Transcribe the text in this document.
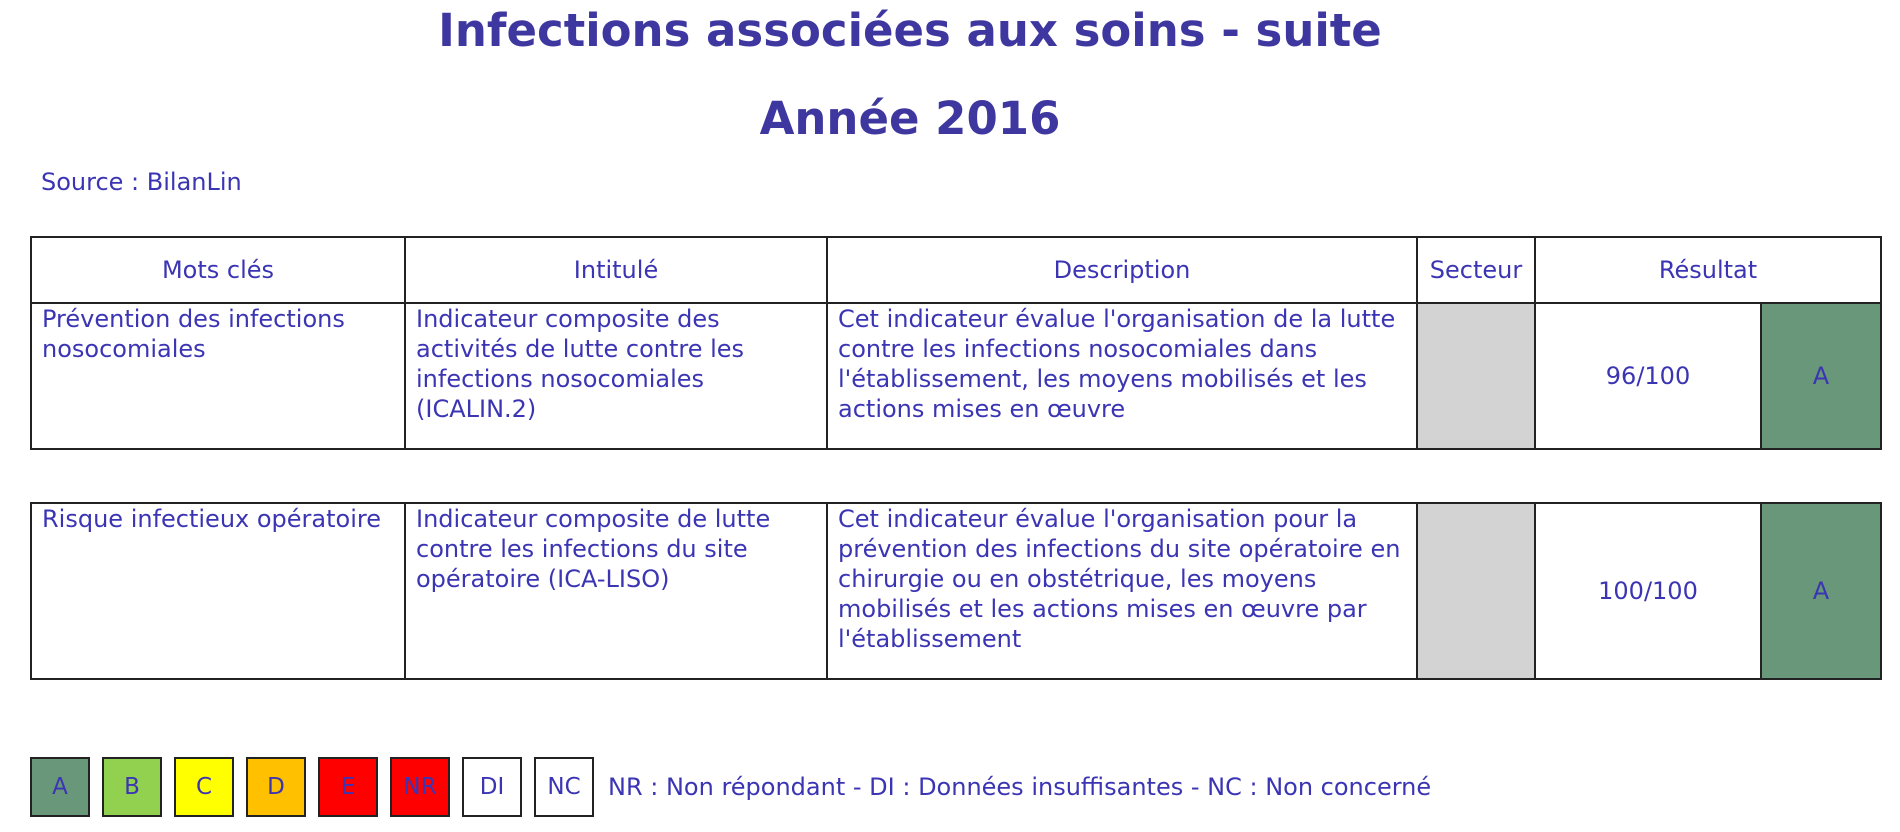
Infections associées aux soins - suite
Année 2016
Source : BilanLin
Mots clés	Intitulé	Description	Secteur	Résultat	
Prévention des infections nosocomiales	Indicateur composite des activités de lutte contre les infections nosocomiales (ICALIN.2)	Cet indicateur évalue l'organisation de la lutte contre les infections nosocomiales dans l'établissement, les moyens mobilisés et les actions mises en œuvre		96/100	A
Risque infectieux opératoire	Indicateur composite de lutte contre les infections du site opératoire (ICA-LISO)	Cet indicateur évalue l'organisation pour la prévention des infections du site opératoire en chirurgie ou en obstétrique, les moyens mobilisés et les actions mises en œuvre par l'établissement		100/100	A
A	B	C	D	E	NR	DI	NC	NR : Non répondant - DI : Données insuffisantes - NC : Non concerné
